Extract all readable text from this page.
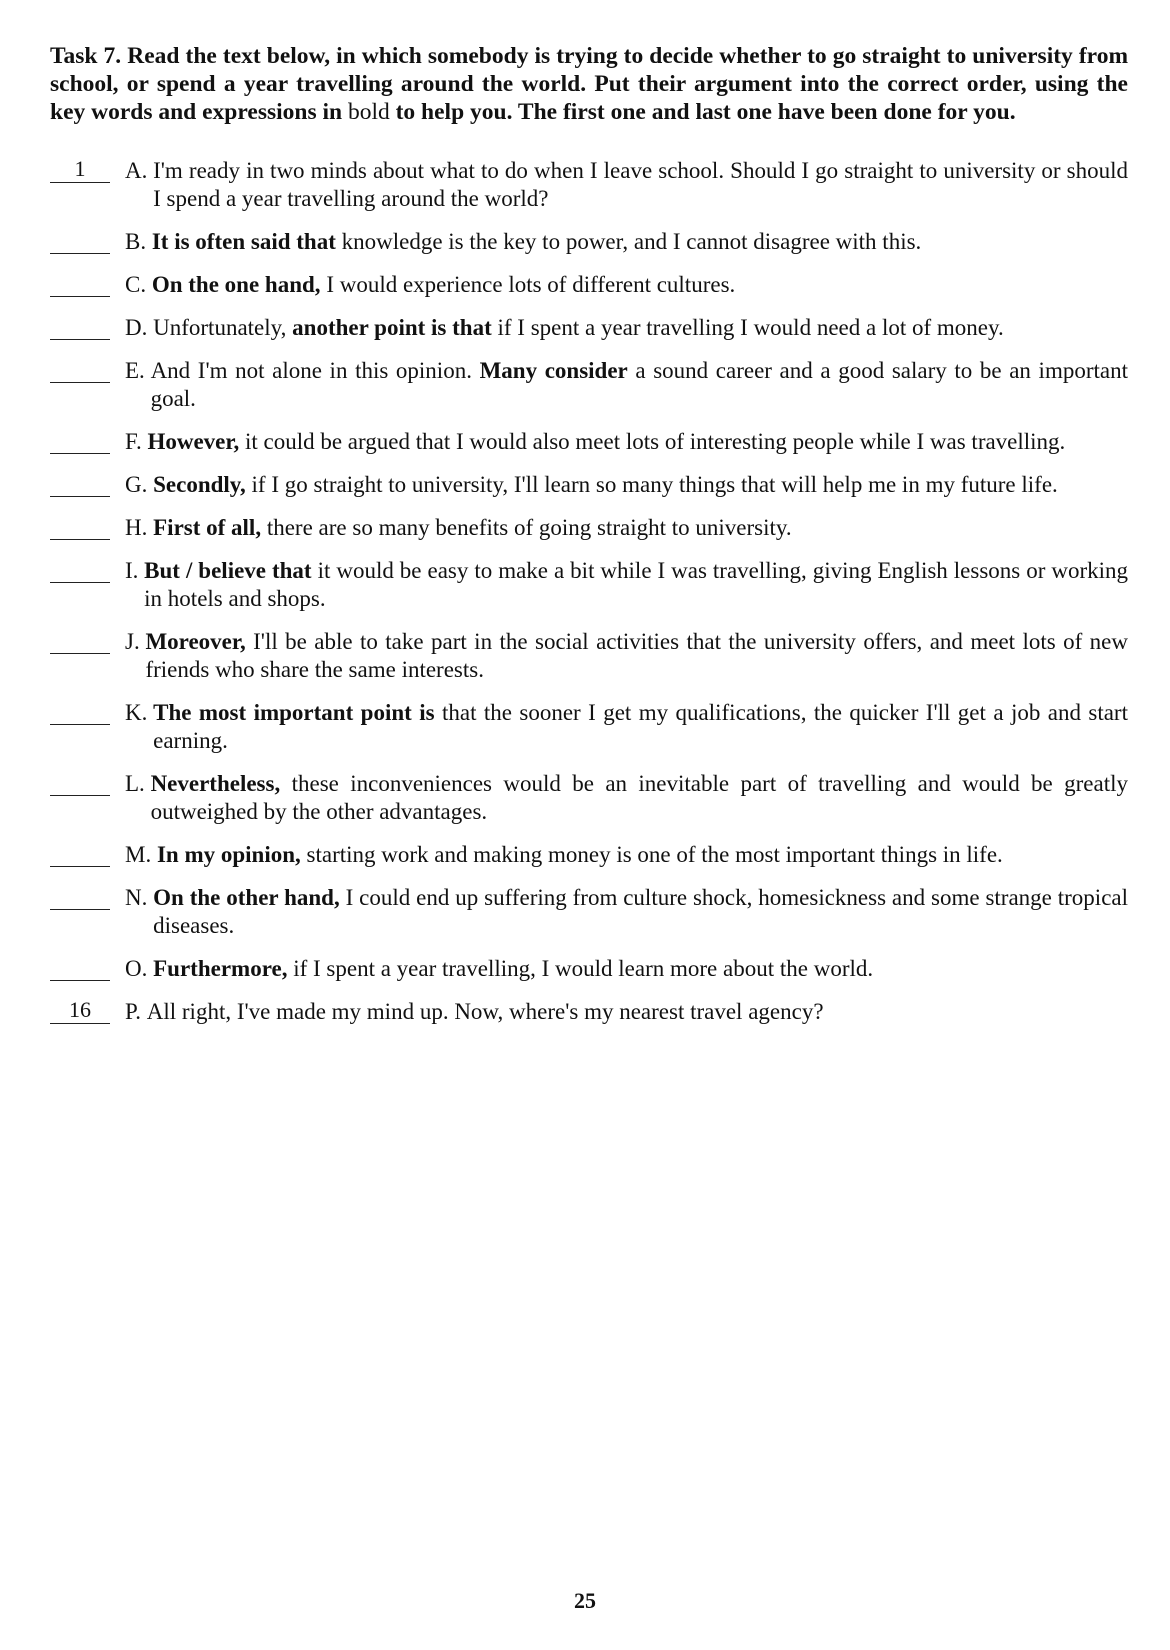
Task 7. Read the text below, in which somebody is trying to decide whether to go straight to university from school, or spend a year travelling around the world. Put their argument into the correct order, using the key words and expressions in bold to help you. The first one and last one have been done for you.

1	A.
I'm ready in two minds about what to do when I leave school. Should I go straight to university or should I spend a year travelling around the world?
B.
It is often said that knowledge is the key to power, and I cannot disagree with this.
C.
On the one hand, I would experience lots of different cultures.
D.
Unfortunately, another point is that if I spent a year travelling I would need a lot of money.
E.
And I'm not alone in this opinion. Many consider a sound career and a good salary to be an important goal.
F.
However, it could be argued that I would also meet lots of interesting people while I was travelling.
G.
Secondly, if I go straight to university, I'll learn so many things that will help me in my future life.
H.
First of all, there are so many benefits of going straight to university.
I.
But / believe that it would be easy to make a bit while I was travelling, giving English lessons or working in hotels and shops.
J.
Moreover, I'll be able to take part in the social activities that the university offers, and meet lots of new friends who share the same interests.
K.
The most important point is that the sooner I get my qualifications, the quicker I'll get a job and start earning.
L.
Nevertheless, these inconveniences would be an inevitable part of travelling and would be greatly outweighed by the other advantages.
M.
In my opinion, starting work and making money is one of the most important things in life.
N.
On the other hand, I could end up suffering from culture shock, homesickness and some strange tropical diseases.
O.
Furthermore, if I spent a year travelling, I would learn more about the world.
16	P.
All right, I've made my mind up. Now, where's my nearest travel agency?
25
